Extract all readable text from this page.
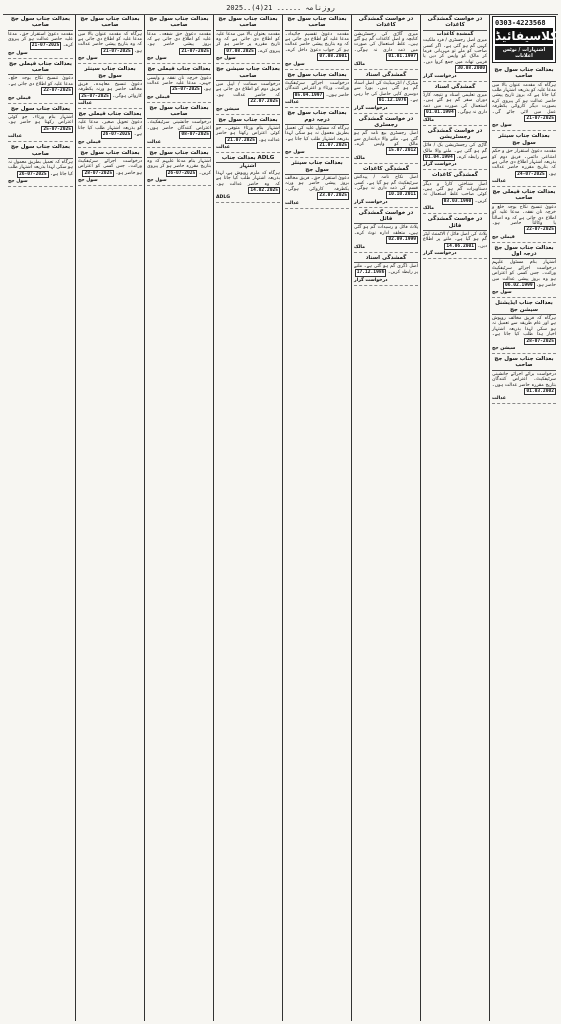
روزنامہ ۔۔۔۔۔۔ 21(4)۔۔2025
0303-4223568
کلاسیفائیڈ
اشتہارات / نوٹس اعلانات
بعدالت جناب سول جج صاحب
ہرگاہ کہ مقدمہ عنوان بالا میں مدعا علیہ کو بذریعہ اشتہار طلب کیا جاتا ہے کہ بروز تاریخ پیشی حاضر عدالت ہو کر پیروی کرے بصورت دیگر کاروائی یکطرفہ عمل میں لائی جائے گی۔ 21-07-2025
سول جج
بعدالت جناب سینئر سول جج
مقدمہ دعویٰ استقرار حق و حکم امتناعی دائمی۔ فریق دوم کو بذریعہ اشتہار اطلاع دی جاتی ہے کہ بتاریخ مقررہ حاضر عدالت ہو۔ 24-07-2025
عدالت
بعدالت جناب فیملی جج صاحب
دعویٰ تنسیخ نکاح بوجہ خلع و خرچہ نان نفقہ۔ مدعا علیہ کو اطلاع دی جاتی ہے کہ وہ اصالتاً یا وکالتاً حاضر ہو۔ 22-07-2025
فیملی جج
بعدالت جناب سول جج درجہ اول
اشتہار بنام مسئول علیہم درخواست اجرائے سرٹیفکیٹ وراثت۔ جس کسی کو اعتراض ہو وہ بروز پیشی عدالت میں حاضر ہو۔ 06.02.1999
سول جج
بعدالت جناب ایڈیشنل سیشن جج
ہرگاہ کہ فریق مخالف روپوش ہے اور عام طریقہ سے تعمیل نہ ہو سکی لہذا بذریعہ اشتہار اخبار ہذا طلب کیا جاتا ہے۔ 28-07-2025
سیشن جج
بعدالت جناب سول جج صاحب
درخواست برائے اجرائے جانشینی سرٹیفکیٹ۔ اعتراض کنندگان بتاریخ مقررہ حاضر عدالت ہوں۔ 01.03.2002
عدالت
در خواست گمشدگی کاغذات
گمشدہ کاغذات
میری اصل رجسٹری / فرد ملکیت کہیں گم ہو گئی ہے۔ اگر کسی صاحب کو ملے تو مہربانی فرما کر مالک کو واپس کر دیں یا قریبی تھانہ میں جمع کروا دیں۔ 30.08.2000
درخواست گزار
گمشدگی اسناد
میری تعلیمی اسناد و نتیجہ کارڈ دوران سفر گم ہو گئے ہیں۔ استعمال کی صورت میں ذمہ داری نہ ہوگی۔ 01.01.1994
مالک
در خواست گمشدگی رجسٹریشن
گاڑی کی رجسٹریشن بک / فائل گم ہو گئی ہے۔ ملنے والا مالک سے رابطہ کرے۔ 01.04.1994
درخواست گزار
گمشدگی کاغذات
اصل شناختی کارڈ و دیگر دستاویزات گم ہو گئی ہیں، کوئی صاحب غلط استعمال نہ کریں۔ 03.03.1990
مالک
در خواست گمشدگی فائل
پلاٹ کی اصل فائل / الاٹمنٹ لیٹر گم ہو گیا ہے۔ ملنے پر اطلاع دیں۔ 14.06.2001
درخواست گزار
در خواست گمشدگی کاغذات
میری گاڑی کی رجسٹریشن کتابچہ و اصل کاغذات گم ہو گئے ہیں۔ غلط استعمال کی صورت میں ذمہ داری نہ ہوگی۔ 01.01.1997
مالک
گمشدگی اسناد
میٹرک / انٹرمیڈیٹ کی اصل اسناد گم ہو گئی ہیں۔ بورڈ سے دوسری کاپی حاصل کی جا رہی ہے۔ 01.12.1976
درخواست گزار
در خواست گمشدگی رجسٹری
اصل رجسٹری بیع نامہ گم ہو گئی ہے۔ ملنے والا دیانتداری سے مالک کو واپس کرے۔ 15.07.2012
مالک
گمشدگی کاغذات
اصل نکاح نامہ / پیدائش سرٹیفکیٹ گم ہو گیا ہے۔ کسی قسم کی ذمہ داری نہ ہوگی۔ 10.10.2011
درخواست گزار
در خواست گمشدگی فائل
پلاٹ فائل و رسیدات گم ہو گئی ہیں، متعلقہ ادارہ نوٹ کرے۔ 02.09.1999
مالک
گمشدگی اسناد
اصل ڈگری گم ہو گئی ہے۔ ملنے پر رابطہ کریں۔ 17.12.1986
درخواست گزار
بعدالت جناب سول جج صاحب
مقدمہ دعویٰ تقسیم جائیداد۔ مدعا علیہ کو اطلاع دی جاتی ہے کہ وہ بتاریخ پیشی حاضر عدالت ہو کر جواب دعویٰ داخل کرے۔ 07.08.2001
سول جج
بعدالت جناب سول جج
درخواست اجرائے سرٹیفکیٹ وراثت۔ ورثاء و اعتراض کنندگان حاضر ہوں۔ 05.04.1997
عدالت
بعدالت جناب سول جج درجہ دوم
ہرگاہ کہ مسئول علیہ کی تعمیل بطریق معمول نہ ہو سکی لہذا بذریعہ اشتہار طلب کیا جاتا ہے۔ 21.07.2025
سول جج
بعدالت جناب سینئر سول جج
دعویٰ استقرار حق۔ فریق مخالف بروز پیشی حاضر ہو ورنہ یکطرفہ کاروائی ہوگی۔ 23.07.2025
عدالت
بعدالت جناب سول جج صاحب
مقدمہ بعنوان بالا میں مدعا علیہ کو اطلاع دی جاتی ہے کہ وہ تاریخ مقررہ پر حاضر ہو کر پیروی کرے۔ 07.08.2025
سول جج
بعدالت جناب سیشن جج صاحب
درخواست ضمانت / اپیل میں فریق دوم کو اطلاع دی جاتی ہے کہ حاضر عدالت ہو۔ 22.07.2025
سیشن جج
بعدالت جناب سول جج
اشتہار بنام ورثاء متوفی۔ جو کوئی اعتراض رکھتا ہو حاضر عدالت ہو۔ 21.07.2025
عدالت
بعدالت جناب ADLG
اشتہار
ہرگاہ کہ ملزم روپوش ہے، لہذا بذریعہ اشتہار طلب کیا جاتا ہے کہ وہ حاضر عدالت ہو۔ 14.02.2025
ADLG
بعدالت جناب سول جج صاحب
مقدمہ دعویٰ حق شفعہ۔ مدعا علیہ کو اطلاع دی جاتی ہے کہ بروز پیشی حاضر ہو۔ 21-07-2025
سول جج
بعدالت جناب فیملی جج
دعویٰ خرچہ نان نفقہ و واپسی جہیز۔ مدعا علیہ حاضر عدالت ہو۔ 25-07-2025
فیملی جج
بعدالت جناب سول جج صاحب
درخواست جانشینی سرٹیفکیٹ۔ اعتراض کنندگان حاضر ہوں۔ 08-07-2025
عدالت
بعدالت جناب سول جج
اشتہار بنام مدعا علیہم کہ وہ بتاریخ مقررہ حاضر ہو کر پیروی کریں۔ 26-07-2025
سول جج
بعدالت جناب سول جج صاحب
ہرگاہ کہ مقدمہ عنوان بالا میں مدعا علیہ کو اطلاع دی جاتی ہے کہ وہ بتاریخ پیشی حاضر عدالت ہو۔ 21-07-2025
سول جج
بعدالت جناب سینئر سول جج
دعویٰ تنسیخ معاہدہ۔ فریق مخالف حاضر ہو ورنہ یکطرفہ کاروائی ہوگی۔ 25-07-2025
عدالت
بعدالت جناب فیملی جج
دعویٰ تحویل صغیر۔ مدعا علیہ کو بذریعہ اشتہار طلب کیا جاتا ہے۔ 26-07-2025
فیملی جج
بعدالت جناب سول جج
درخواست اجرائے سرٹیفکیٹ وراثت۔ جس کسی کو اعتراض ہو حاضر ہو۔ 28-07-2025
سول جج
بعدالت جناب سول جج صاحب
مقدمہ دعویٰ استقرار حق۔ مدعا علیہ حاضر عدالت ہو کر پیروی کرے۔ 21-07-2025
سول جج
بعدالت جناب فیملی جج صاحب
دعویٰ تنسیخ نکاح بوجہ خلع۔ مدعا علیہ کو اطلاع دی جاتی ہے۔ 22-07-2025
فیملی جج
بعدالت جناب سول جج
اشتہار بنام ورثاء۔ جو کوئی اعتراض رکھتا ہو حاضر ہو۔ 25-07-2025
عدالت
بعدالت جناب سول جج صاحب
ہرگاہ کہ تعمیل بطریق معمول نہ ہو سکی لہذا بذریعہ اشتہار طلب کیا جاتا ہے۔ 26-07-2025
سول جج
